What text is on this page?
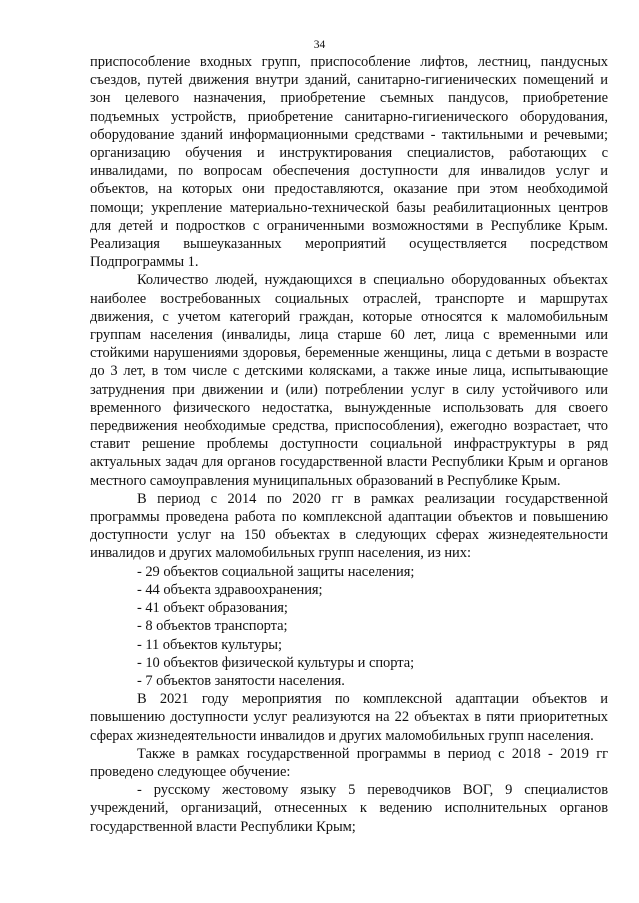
34

приспособление входных групп, приспособление лифтов, лестниц, пандусных съездов, путей движения внутри зданий, санитарно-гигиенических помещений и зон целевого назначения, приобретение съемных пандусов, приобретение подъемных устройств, приобретение санитарно-гигиенического оборудования, оборудование зданий информационными средствами - тактильными и речевыми; организацию обучения и инструктирования специалистов, работающих с инвалидами, по вопросам обеспечения доступности для инвалидов услуг и объектов, на которых они предоставляются, оказание при этом необходимой помощи; укрепление материально-технической базы реабилитационных центров для детей и подростков с ограниченными возможностями в Республике Крым. Реализация вышеуказанных мероприятий осуществляется посредством Подпрограммы 1.

Количество людей, нуждающихся в специально оборудованных объектах наиболее востребованных социальных отраслей, транспорте и маршрутах движения, с учетом категорий граждан, которые относятся к маломобильным группам населения (инвалиды, лица старше 60 лет, лица с временными или стойкими нарушениями здоровья, беременные женщины, лица с детьми в возрасте до 3 лет, в том числе с детскими колясками, а также иные лица, испытывающие затруднения при движении и (или) потреблении услуг в силу устойчивого или временного физического недостатка, вынужденные использовать для своего передвижения необходимые средства, приспособления), ежегодно возрастает, что ставит решение проблемы доступности социальной инфраструктуры в ряд актуальных задач для органов государственной власти Республики Крым и органов местного самоуправления муниципальных образований в Республике Крым.

В период с 2014 по 2020 гг в рамках реализации государственной программы проведена работа по комплексной адаптации объектов и повышению доступности услуг на 150 объектах в следующих сферах жизнедеятельности инвалидов и других маломобильных групп населения, из них:

- 29 объектов социальной защиты населения;
- 44 объекта здравоохранения;
- 41 объект образования;
- 8 объектов транспорта;
- 11 объектов культуры;
- 10 объектов физической культуры и спорта;
- 7 объектов занятости населения.

В 2021 году мероприятия по комплексной адаптации объектов и повышению доступности услуг реализуются на 22 объектах в пяти приоритетных сферах жизнедеятельности инвалидов и других маломобильных групп населения.

Также в рамках государственной программы в период с 2018 - 2019 гг проведено следующее обучение:

- русскому жестовому языку 5 переводчиков ВОГ, 9 специалистов учреждений, организаций, отнесенных к ведению исполнительных органов государственной власти Республики Крым;
